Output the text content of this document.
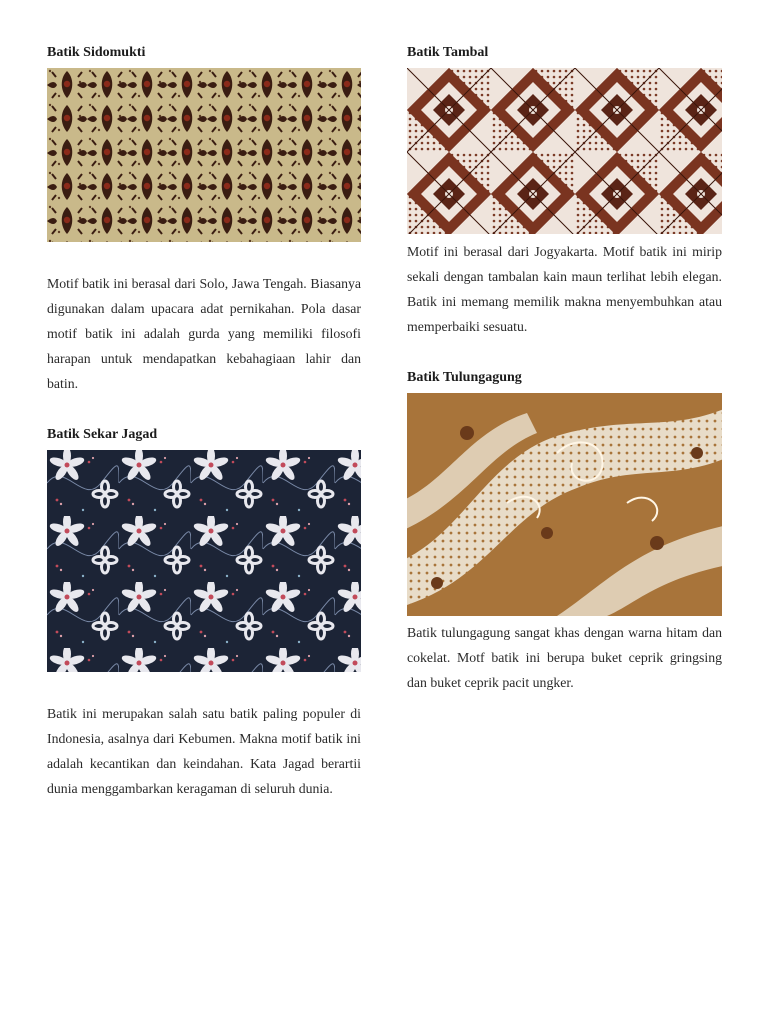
Batik Sidomukti

Motif batik ini berasal dari Solo, Jawa Tengah. Biasanya digunakan dalam upacara adat pernikahan. Pola dasar motif batik ini adalah gurda yang memiliki filosofi harapan untuk mendapatkan kebahagiaan lahir dan batin.

Batik Sekar Jagad

Batik ini merupakan salah satu batik paling populer di Indonesia, asalnya dari Kebumen. Makna motif batik ini adalah kecantikan dan keindahan. Kata Jagad berartii dunia menggambarkan keragaman di seluruh dunia.

Batik Tambal

Motif ini berasal dari Jogyakarta. Motif batik ini mirip sekali dengan tambalan kain maun terlihat lebih elegan. Batik ini memang memilik makna menyembuhkan atau memperbaiki sesuatu.

Batik Tulungagung

Batik tulungagung sangat khas dengan warna hitam dan cokelat. Motf batik ini berupa buket ceprik gringsing dan buket ceprik pacit ungker.
